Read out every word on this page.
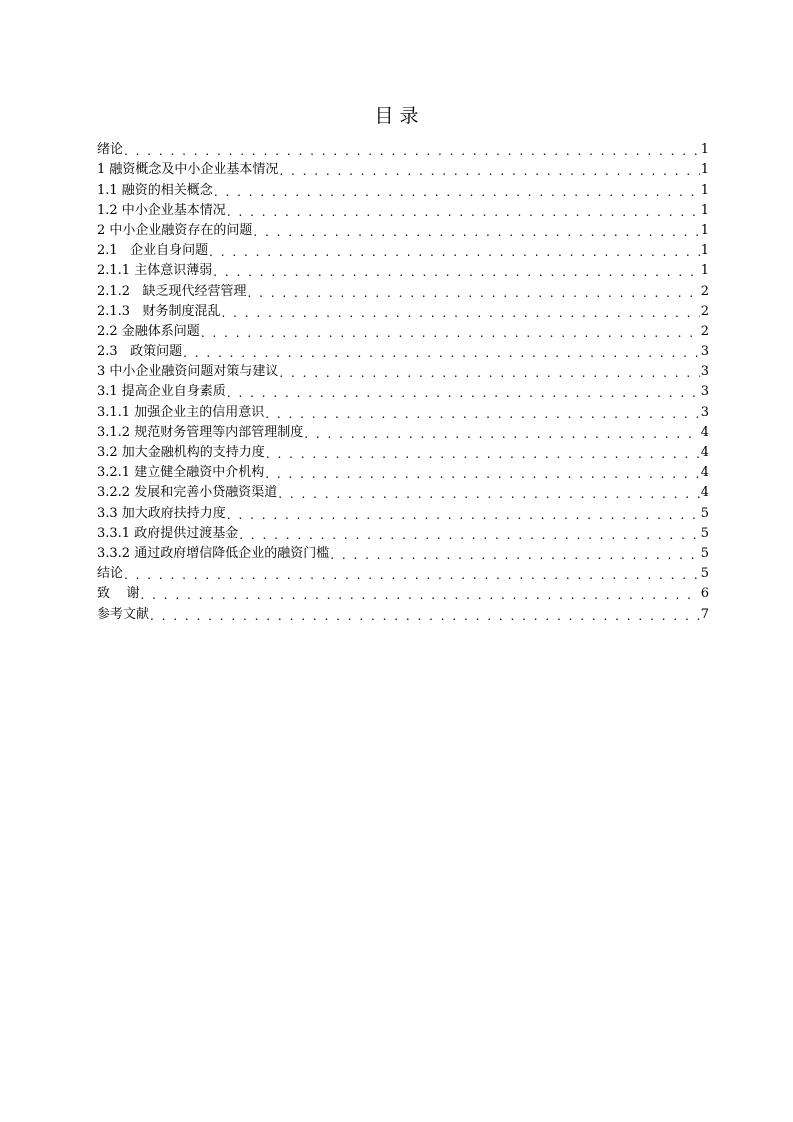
目 录
绪论 . . .	1
1 融资概念及中小企业基本情况 . . .	1
1.1 融资的相关概念 . . .	1
1.2 中小企业基本情况 . . .	1
2 中小企业融资存在的问题 . . .	1
2.1   企业自身问题 . . .	1
2.1.1 主体意识薄弱 . . .	1
2.1.2   缺乏现代经营管理 . . .	2
2.1.3   财务制度混乱 . . .	2
2.2 金融体系问题 . . .	2
2.3   政策问题 . . .	3
3 中小企业融资问题对策与建议 . . .	3
3.1 提高企业自身素质 . . .	3
3.1.1 加强企业主的信用意识 . . .	3
3.1.2 规范财务管理等内部管理制度 . . .	4
3.2 加大金融机构的支持力度 . . .	4
3.2.1 建立健全融资中介机构 . . .	4
3.2.2 发展和完善小贷融资渠道 . . .	4
3.3 加大政府扶持力度 . . .	5
3.3.1 政府提供过渡基金 . . .	5
3.3.2 通过政府增信降低企业的融资门槛 . . .	5
结论 . . .	5
致    谢 . . .	6
参考文献 . . .	7
